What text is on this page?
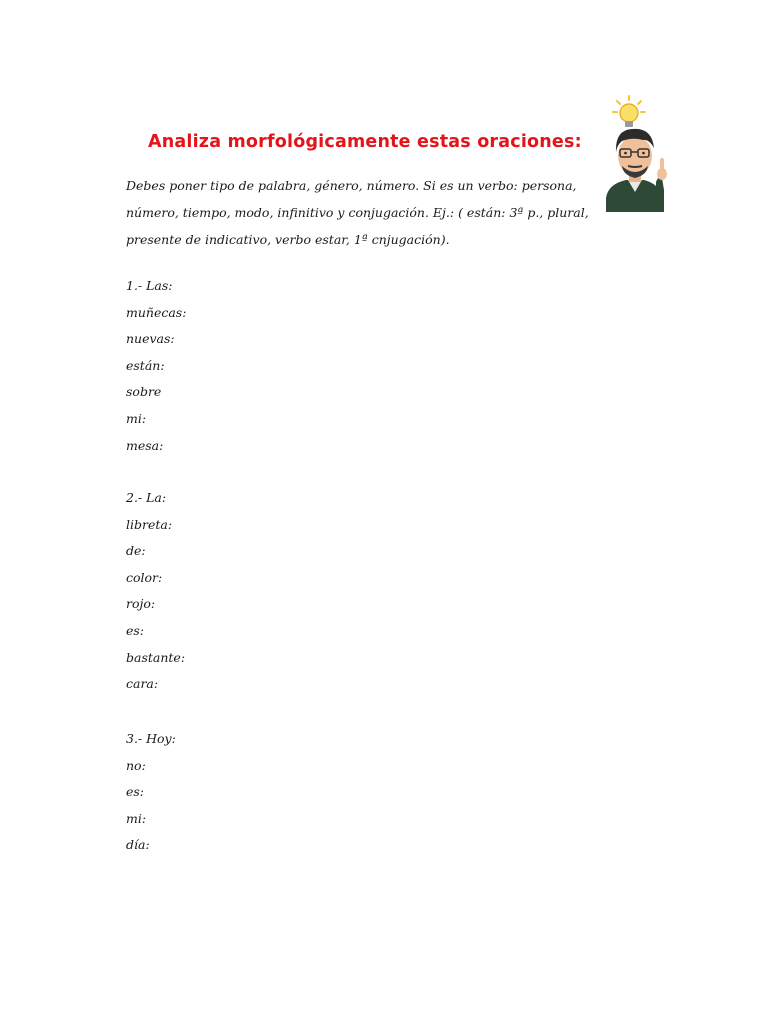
Analiza morfológicamente estas oraciones:

Debes poner tipo de palabra, género, número. Si es un verbo: persona,

número, tiempo, modo, infinitivo y conjugación. Ej.: ( están: 3ª p., plural,

presente de indicativo, verbo estar, 1ª cnjugación).

1.- Las:
muñecas:
nuevas:
están:
sobre
mi:
mesa:
2.- La:
libreta:
de:
color:
rojo:
es:
bastante:
cara:
3.- Hoy:
no:
es:
mi:
día:
